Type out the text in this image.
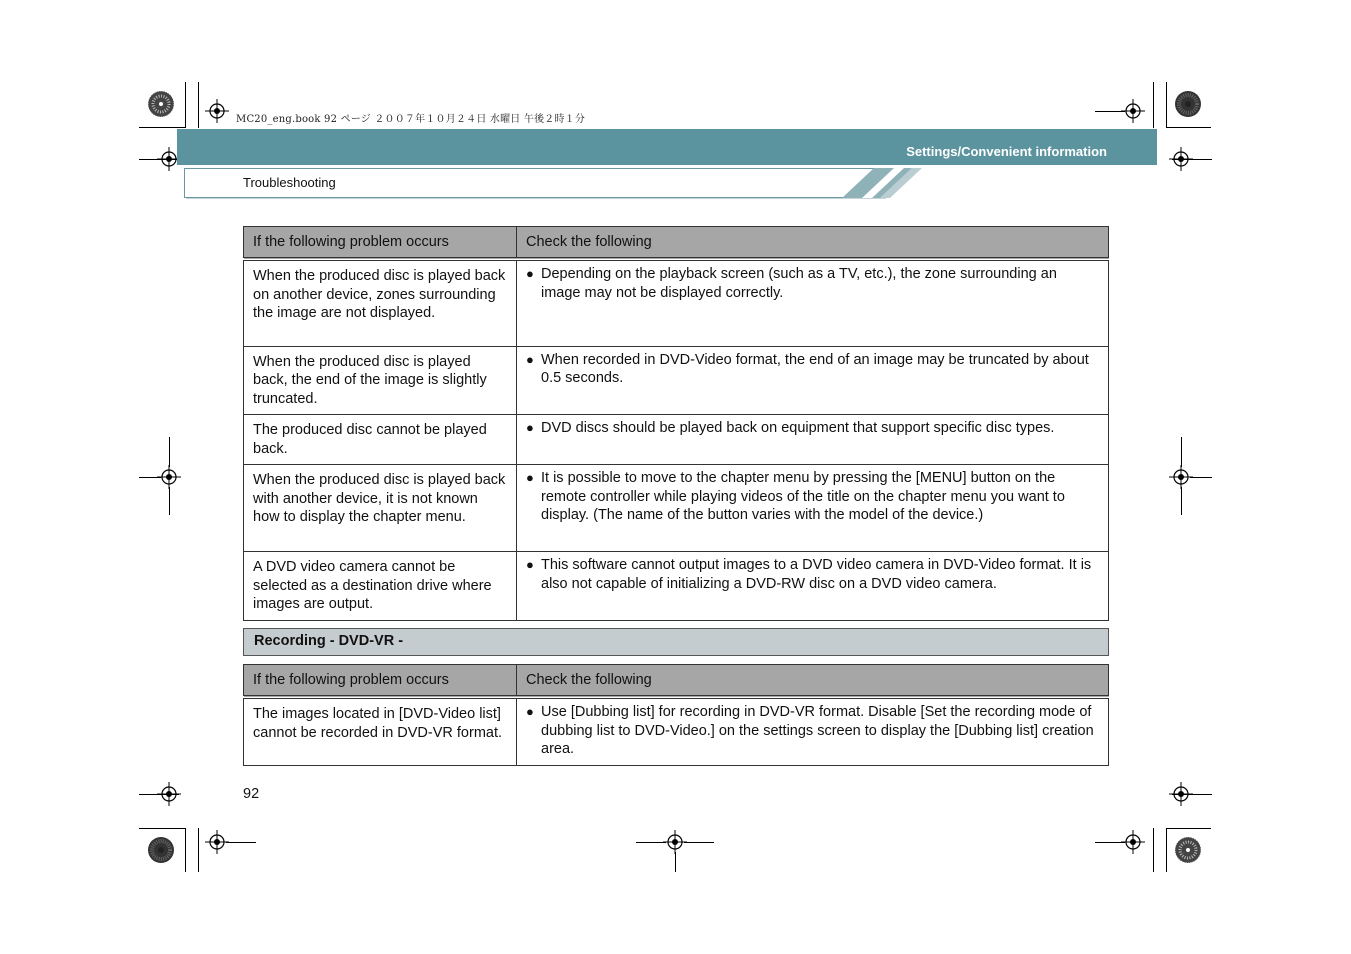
MC20_eng.book 92 ページ ２００７年１０月２４日 水曜日 午後２時１分
Settings/Convenient information
Troubleshooting
If the following problem occurs	Check the following
When the produced disc is played back on another device, zones surrounding the image are not displayed.	● Depending on the playback screen (such as a TV, etc.), the zone surrounding an image may not be displayed correctly.

When the produced disc is played back, the end of the image is slightly truncated.	● When recorded in DVD-Video format, the end of an image may be truncated by about 0.5 seconds.

The produced disc cannot be played back.	● DVD discs should be played back on equipment that support specific disc types.

When the produced disc is played back with another device, it is not known how to display the chapter menu.	● It is possible to move to the chapter menu by pressing the [MENU] button on the remote controller while playing videos of the title on the chapter menu you want to display. (The name of the button varies with the model of the device.)

A DVD video camera cannot be selected as a destination drive where images are output.	● This software cannot output images to a DVD video camera in DVD-Video format. It is also not capable of initializing a DVD-RW disc on a DVD video camera.
Recording - DVD-VR -
If the following problem occurs	Check the following
The images located in [DVD-Video list] cannot be recorded in DVD-VR format.	● Use [Dubbing list] for recording in DVD-VR format. Disable [Set the recording mode of dubbing list to DVD-Video.] on the settings screen to display the [Dubbing list] creation area.
92
